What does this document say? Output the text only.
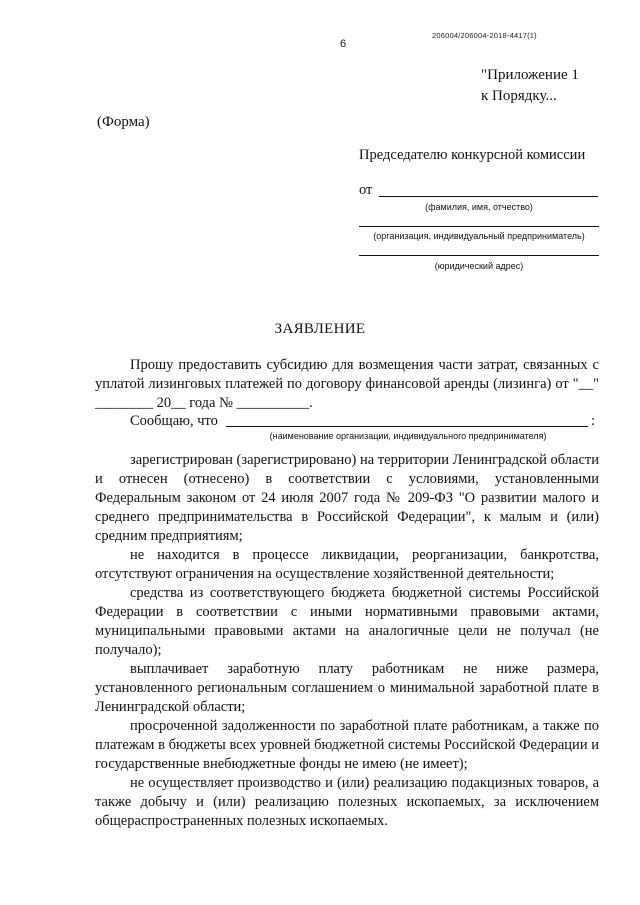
206004/206004-2018-4417(1)
6
"Приложение 1
к Порядку...
(Форма)
Председателю конкурсной комиссии
от
(фамилия, имя, отчество)
(организация, индивидуальный предприниматель)
(юридический адрес)
ЗАЯВЛЕНИЕ

Прошу предоставить субсидию для возмещения части затрат, связанных с уплатой лизинговых платежей по договору финансовой аренды (лизинга) от "__" ________ 20__ года № __________.

Сообщаю, что	:
(наименование организации, индивидуального предпринимателя)

зарегистрирован (зарегистрировано) на территории Ленинградской области и отнесен (отнесено) в соответствии с условиями, установленными Федеральным законом от 24 июля 2007 года № 209-ФЗ "О развитии малого и среднего предпринимательства в Российской Федерации", к малым и (или) средним предприятиям;

не находится в процессе ликвидации, реорганизации, банкротства, отсутствуют ограничения на осуществление хозяйственной деятельности;

средства из соответствующего бюджета бюджетной системы Российской Федерации в соответствии с иными нормативными правовыми актами, муниципальными правовыми актами на аналогичные цели не получал (не получало);

выплачивает заработную плату работникам не ниже размера, установленного региональным соглашением о минимальной заработной плате в Ленинградской области;

просроченной задолженности по заработной плате работникам, а также по платежам в бюджеты всех уровней бюджетной системы Российской Федерации и государственные внебюджетные фонды не имею (не имеет);

не осуществляет производство и (или) реализацию подакцизных товаров, а также добычу и (или) реализацию полезных ископаемых, за исключением общераспространенных полезных ископаемых.
